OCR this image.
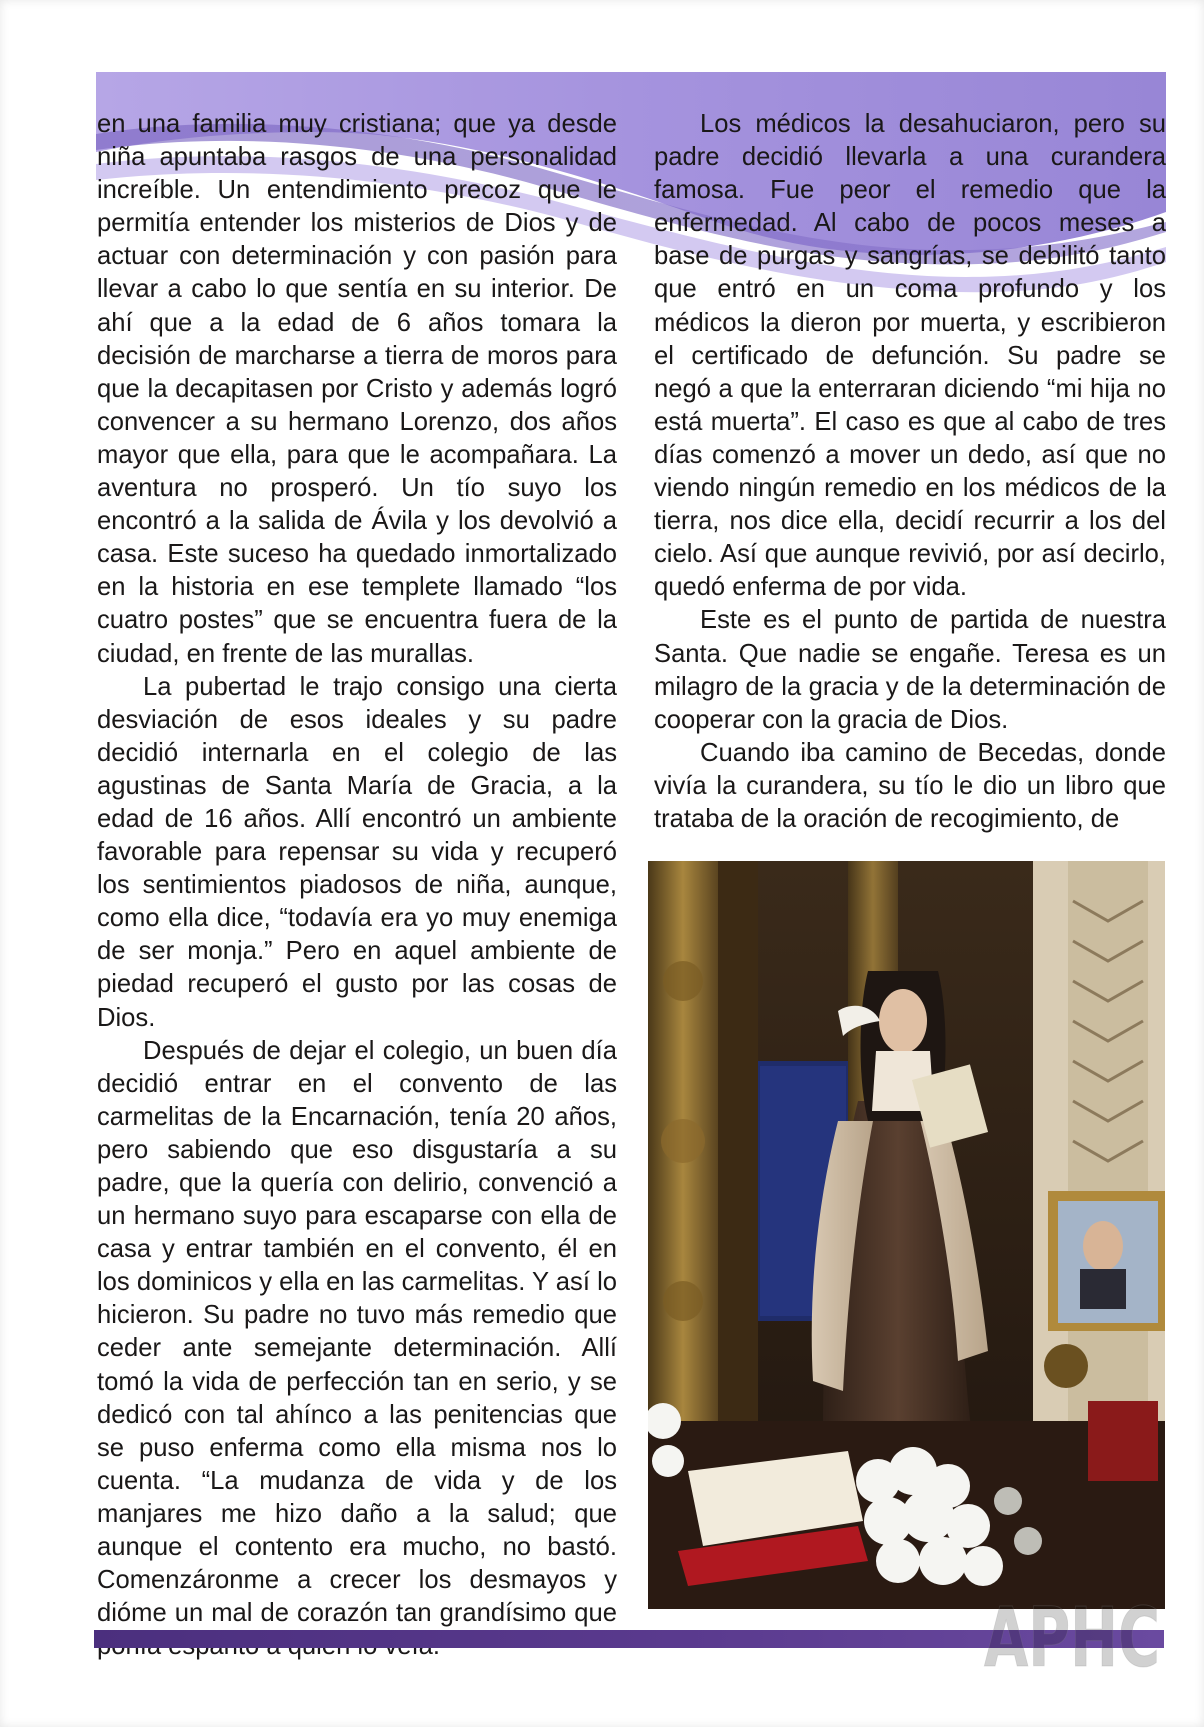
en una familia muy cristiana; que ya desde niña apuntaba rasgos de una personalidad increíble. Un entendimiento precoz que le permitía entender los misterios de Dios y de actuar con determinación y con pasión para llevar a cabo lo que sentía en su interior. De ahí que a la edad de 6 años tomara la decisión de marcharse a tierra de moros para que la decapitasen por Cristo y además logró convencer a su hermano Lorenzo, dos años mayor que ella, para que le acompañara. La aventura no prosperó. Un tío suyo los encontró a la salida de Ávila y los devolvió a casa. Este suceso ha quedado inmortalizado en la historia en ese templete llamado “los cuatro postes” que se encuentra fuera de la ciudad, en frente de las murallas.

La pubertad le trajo consigo una cierta desviación de esos ideales y su padre decidió internarla en el colegio de las agustinas de Santa María de Gracia, a la edad de 16 años. Allí encontró un ambiente favorable para repensar su vida y recuperó los sentimientos piadosos de niña, aunque, como ella dice, “todavía era yo muy enemiga de ser monja.” Pero en aquel ambiente de piedad recuperó el gusto por las cosas de Dios.

Después de dejar el colegio, un buen día decidió entrar en el convento de las carmelitas de la Encarnación, tenía 20 años, pero sabiendo que eso disgustaría a su padre, que la quería con delirio, convenció a un hermano suyo para escaparse con ella de casa y entrar también en el convento, él en los dominicos y ella en las carmelitas. Y así lo hicieron. Su padre no tuvo más remedio que ceder ante semejante determinación. Allí tomó la vida de perfección tan en serio, y se dedicó con tal ahínco a las penitencias que se puso enferma como ella misma nos lo cuenta. “La mudanza de vida y de los manjares me hizo daño a la salud; que aunque el contento era mucho, no bastó. Comenzáronme a crecer los desmayos y dióme un mal de corazón tan grandísimo que

Los médicos la desahuciaron, pero su padre decidió llevarla a una curandera famosa. Fue peor el remedio que la enfermedad. Al cabo de pocos meses a base de purgas y sangrías, se debilitó tanto que entró en un coma profundo y los médicos la dieron por muerta, y escribieron el certificado de defunción. Su padre se negó a que la enterraran diciendo “mi hija no está muerta”. El caso es que al cabo de tres días comenzó a mover un dedo, así que no viendo ningún remedio en los médicos de la tierra, nos dice ella, decidí recurrir a los del cielo. Así que aunque revivió, por así decirlo, quedó enferma de por vida.

Este es el punto de partida de nuestra Santa. Que nadie se engañe. Teresa es un milagro de la gracia y de la determinación de cooperar con la gracia de Dios.

Cuando iba camino de Becedas, donde vivía la curandera, su tío le dio un libro que trataba de la oración de recogimiento, de

APHC
